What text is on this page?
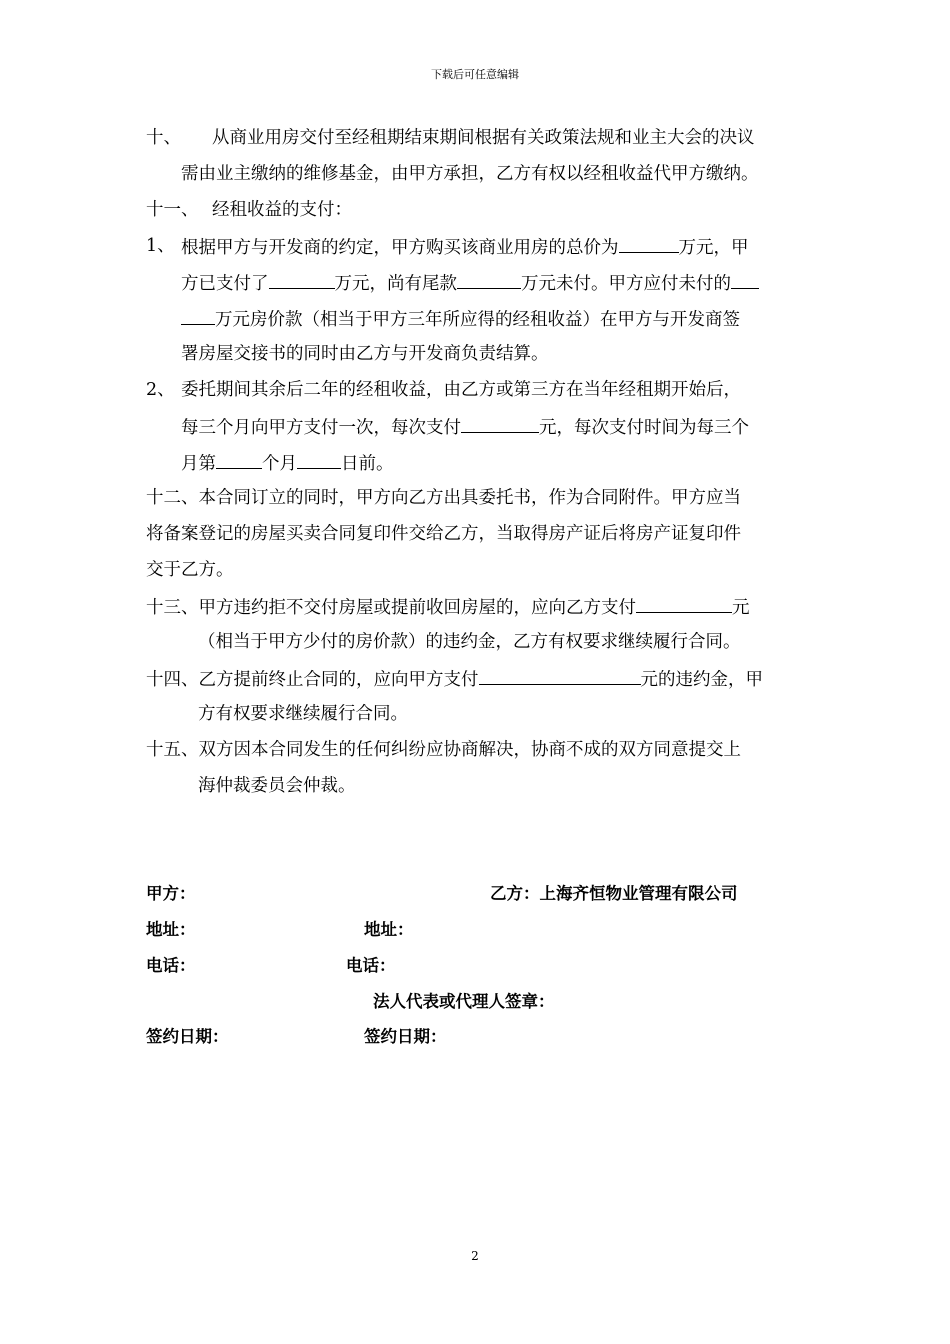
下载后可任意编辑
十、 从商业用房交付至经租期结束期间根据有关政策法规和业主大会的决议
需由业主缴纳的维修基金，由甲方承担，乙方有权以经租收益代甲方缴纳。
十一、 经租收益的支付：
1、 根据甲方与开发商的约定，甲方购买该商业用房的总价为	万元，甲
方已支付了	万元，尚有尾款	万元未付。甲方应付未付的
万元房价款（相当于甲方三年所应得的经租收益）在甲方与开发商签
署房屋交接书的同时由乙方与开发商负责结算。
2、 委托期间其余后二年的经租收益，由乙方或第三方在当年经租期开始后，
每三个月向甲方支付一次，每次支付	元，每次支付时间为每三个
月第	个月	日前。
十二、本合同订立的同时，甲方向乙方出具委托书，作为合同附件。甲方应当
将备案登记的房屋买卖合同复印件交给乙方，当取得房产证后将房产证复印件
交于乙方。
十三、甲方违约拒不交付房屋或提前收回房屋的，应向乙方支付	元
（相当于甲方少付的房价款）的违约金，乙方有权要求继续履行合同。
十四、乙方提前终止合同的，应向甲方支付	元的违约金，甲
方有权要求继续履行合同。
十五、双方因本合同发生的任何纠纷应协商解决，协商不成的双方同意提交上
海仲裁委员会仲裁。
甲方：	乙方：上海齐恒物业管理有限公司
地址：	地址：
电话：	电话：
法人代表或代理人签章：
签约日期：	签约日期：
2
